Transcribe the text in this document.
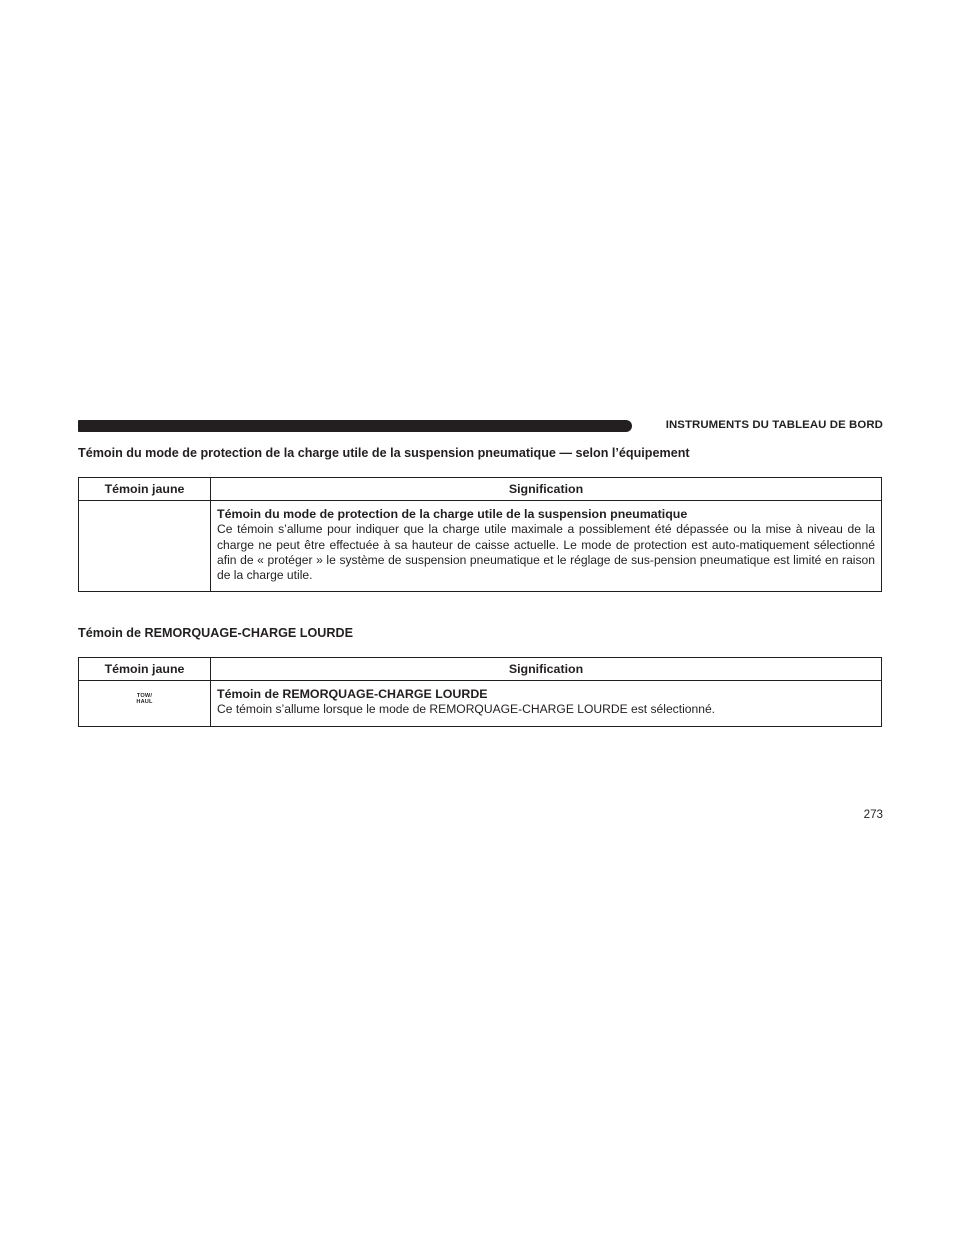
INSTRUMENTS DU TABLEAU DE BORD
Témoin du mode de protection de la charge utile de la suspension pneumatique — selon l’équipement
Témoin jaune	Signification

	Témoin du mode de protection de la charge utile de la suspension pneumatique
Ce témoin s’allume pour indiquer que la charge utile maximale a possiblement été dépassée ou la mise à niveau de la charge ne peut être effectuée à sa hauteur de caisse actuelle. Le mode de protection est auto-matiquement sélectionné afin de « protéger » le système de suspension pneumatique et le réglage de sus-pension pneumatique est limité en raison de la charge utile.
Témoin de REMORQUAGE-CHARGE LOURDE
Témoin jaune	Signification
TOW/
HAUL	Témoin de REMORQUAGE-CHARGE LOURDE
Ce témoin s’allume lorsque le mode de REMORQUAGE-CHARGE LOURDE est sélectionné.
273
